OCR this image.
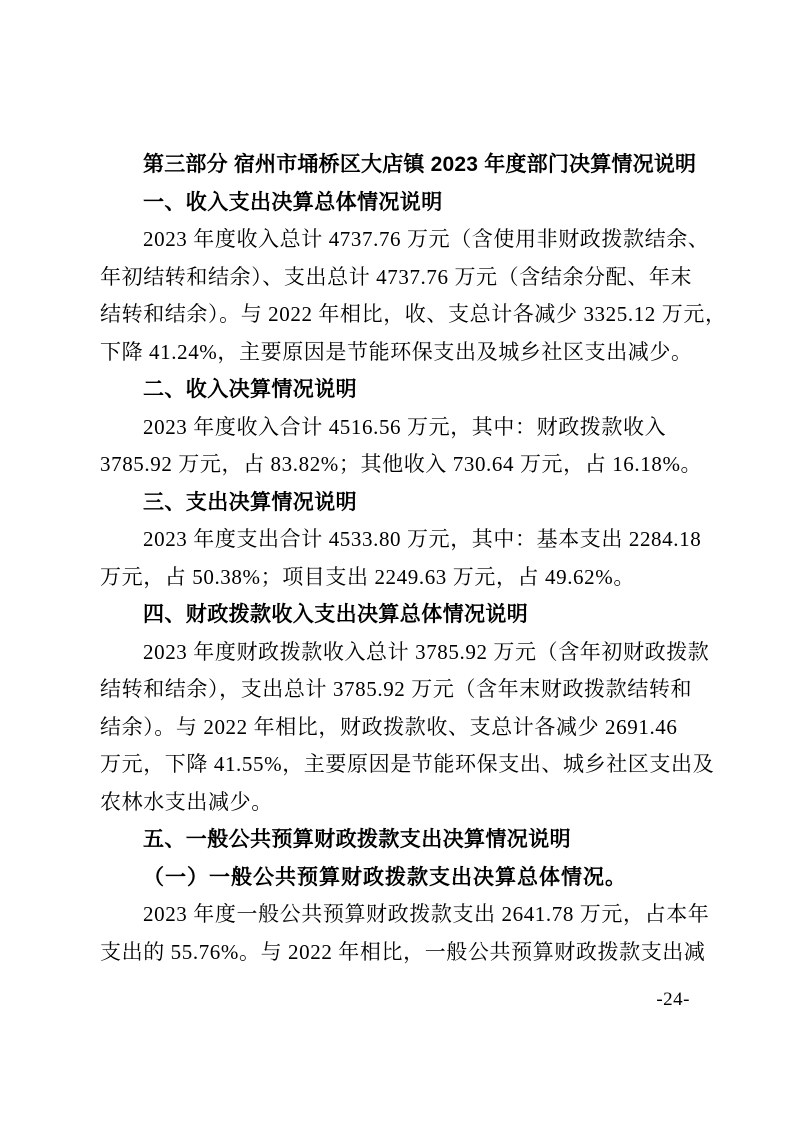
第三部分 宿州市埇桥区大店镇 2023 年度部门决算情况说明
一、收入支出决算总体情况说明
2023 年度收入总计 4737.76 万元（含使用非财政拨款结余、
年初结转和结余）、支出总计 4737.76 万元（含结余分配、年末
结转和结余）。与 2022 年相比，收、支总计各减少 3325.12 万元，
下降 41.24%，主要原因是节能环保支出及城乡社区支出减少。
二、收入决算情况说明
2023 年度收入合计 4516.56 万元，其中：财政拨款收入
3785.92 万元，占 83.82%；其他收入 730.64 万元，占 16.18%。
三、支出决算情况说明
2023 年度支出合计 4533.80 万元，其中：基本支出 2284.18
万元，占 50.38%；项目支出 2249.63 万元，占 49.62%。
四、财政拨款收入支出决算总体情况说明
2023 年度财政拨款收入总计 3785.92 万元（含年初财政拨款
结转和结余），支出总计 3785.92 万元（含年末财政拨款结转和
结余）。与 2022 年相比，财政拨款收、支总计各减少 2691.46
万元，下降 41.55%，主要原因是节能环保支出、城乡社区支出及
农林水支出减少。
五、一般公共预算财政拨款支出决算情况说明
（一）一般公共预算财政拨款支出决算总体情况。
2023 年度一般公共预算财政拨款支出 2641.78 万元，占本年
支出的 55.76%。与 2022 年相比，一般公共预算财政拨款支出减
-24-
